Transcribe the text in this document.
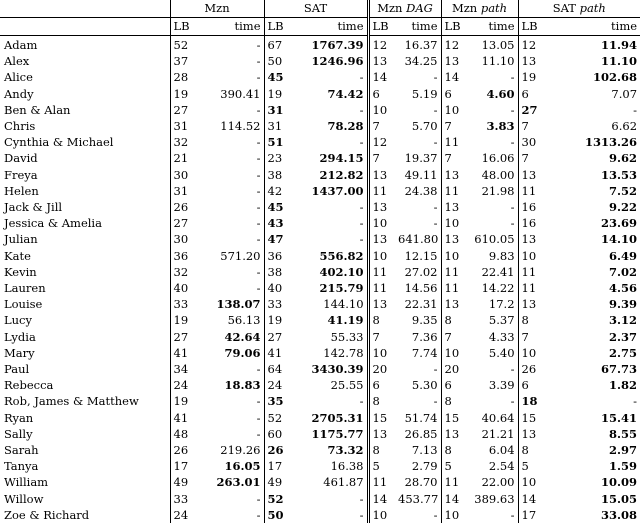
	Mzn		SAT		Mzn DAG		Mzn path		SAT path	
	LB	time	LB	time	LB	time	LB	time	LB	time
Adam	52	-	67	1767.39	12	16.37	12	13.05	12	11.94
Alex	37	-	50	1246.96	13	34.25	13	11.10	13	11.10
Alice	28	-	45	-	14	-	14	-	19	102.68
Andy	19	390.41	19	74.42	6	5.19	6	4.60	6	7.07
Ben & Alan	27	-	31	-	10	-	10	-	27	-
Chris	31	114.52	31	78.28	7	5.70	7	3.83	7	6.62
Cynthia & Michael	32	-	51	-	12	-	11	-	30	1313.26
David	21	-	23	294.15	7	19.37	7	16.06	7	9.62
Freya	30	-	38	212.82	13	49.11	13	48.00	13	13.53
Helen	31	-	42	1437.00	11	24.38	11	21.98	11	7.52
Jack & Jill	26	-	45	-	13	-	13	-	16	9.22
Jessica & Amelia	27	-	43	-	10	-	10	-	16	23.69
Julian	30	-	47	-	13	641.80	13	610.05	13	14.10
Kate	36	571.20	36	556.82	10	12.15	10	9.83	10	6.49
Kevin	32	-	38	402.10	11	27.02	11	22.41	11	7.02
Lauren	40	-	40	215.79	11	14.56	11	14.22	11	4.56
Louise	33	138.07	33	144.10	13	22.31	13	17.2	13	9.39
Lucy	19	56.13	19	41.19	8	9.35	8	5.37	8	3.12
Lydia	27	42.64	27	55.33	7	7.36	7	4.33	7	2.37
Mary	41	79.06	41	142.78	10	7.74	10	5.40	10	2.75
Paul	34	-	64	3430.39	20	-	20	-	26	67.73
Rebecca	24	18.83	24	25.55	6	5.30	6	3.39	6	1.82
Rob, James & Matthew	19	-	35	-	8	-	8	-	18	-
Ryan	41	-	52	2705.31	15	51.74	15	40.64	15	15.41
Sally	48	-	60	1175.77	13	26.85	13	21.21	13	8.55
Sarah	26	219.26	26	73.32	8	7.13	8	6.04	8	2.97
Tanya	17	16.05	17	16.38	5	2.79	5	2.54	5	1.59
William	49	263.01	49	461.87	11	28.70	11	22.00	10	10.09
Willow	33	-	52	-	14	453.77	14	389.63	14	15.05
Zoe & Richard	24	-	50	-	10	-	10	-	17	33.08
